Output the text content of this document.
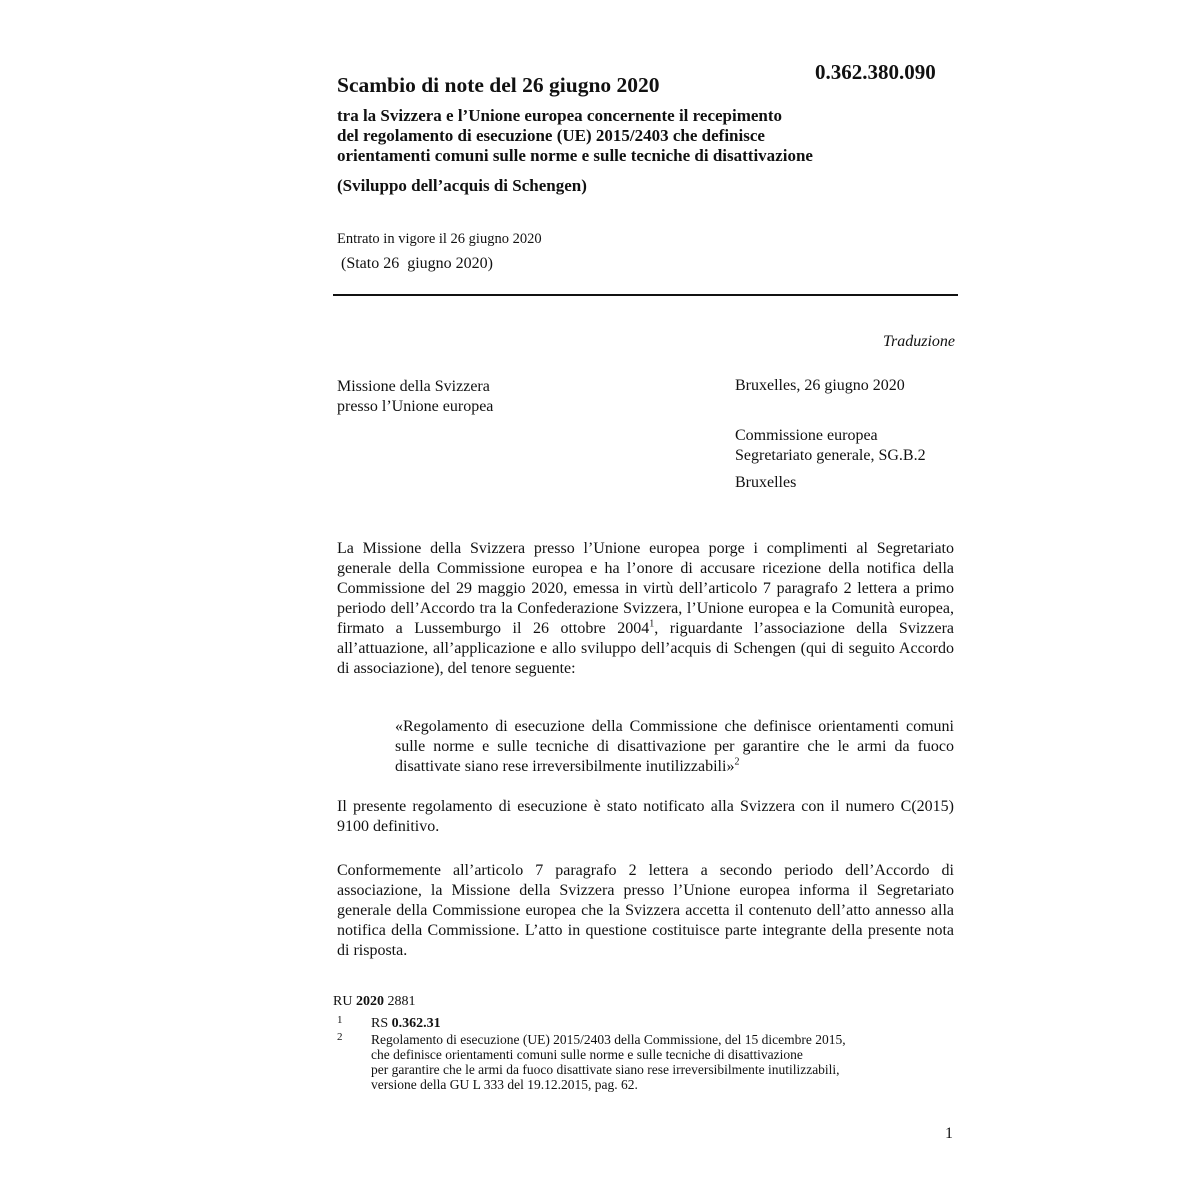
0.362.380.090
Scambio di note del 26 giugno 2020
tra la Svizzera e l’Unione europea concernente il recepimento
del regolamento di esecuzione (UE) 2015/2403 che definisce
orientamenti comuni sulle norme e sulle tecniche di disattivazione
(Sviluppo dell’acquis di Schengen)
Entrato in vigore il 26 giugno 2020
(Stato 26  giugno 2020)
Traduzione
Missione della Svizzera
presso l’Unione europea
Bruxelles, 26 giugno 2020
Commissione europea
Segretariato generale, SG.B.2
Bruxelles
La Missione della Svizzera presso l’Unione europea porge i complimenti al Segretariato generale della Commissione europea e ha l’onore di accusare ricezione della notifica della Commissione del 29 maggio 2020, emessa in virtù dell’articolo 7 paragrafo 2 lettera a primo periodo dell’Accordo tra la Confederazione Svizzera, l’Unione europea e la Comunità europea, firmato a Lussemburgo il 26 ottobre 2004$^1$, riguardante l’associazione della Svizzera all’attuazione, all’applicazione e allo sviluppo dell’acquis di Schengen (qui di seguito Accordo di associazione), del tenore seguente:
«Regolamento di esecuzione della Commissione che definisce orientamenti comuni sulle norme e sulle tecniche di disattivazione per garantire che le armi da fuoco disattivate siano rese irreversibilmente inutilizzabili»$^2$
Il presente regolamento di esecuzione è stato notificato alla Svizzera con il numero C(2015) 9100 definitivo.
Conformemente all’articolo 7 paragrafo 2 lettera a secondo periodo dell’Accordo di associazione, la Missione della Svizzera presso l’Unione europea informa il Segretariato generale della Commissione europea che la Svizzera accetta il contenuto dell’atto annesso alla notifica della Commissione. L’atto in questione costituisce parte integrante della presente nota di risposta.
RU 2020 2881
1 RS 0.362.31
2 Regolamento di esecuzione (UE) 2015/2403 della Commissione, del 15 dicembre 2015,
che definisce orientamenti comuni sulle norme e sulle tecniche di disattivazione
per garantire che le armi da fuoco disattivate siano rese irreversibilmente inutilizzabili,
versione della GU L 333 del 19.12.2015, pag. 62.
1
